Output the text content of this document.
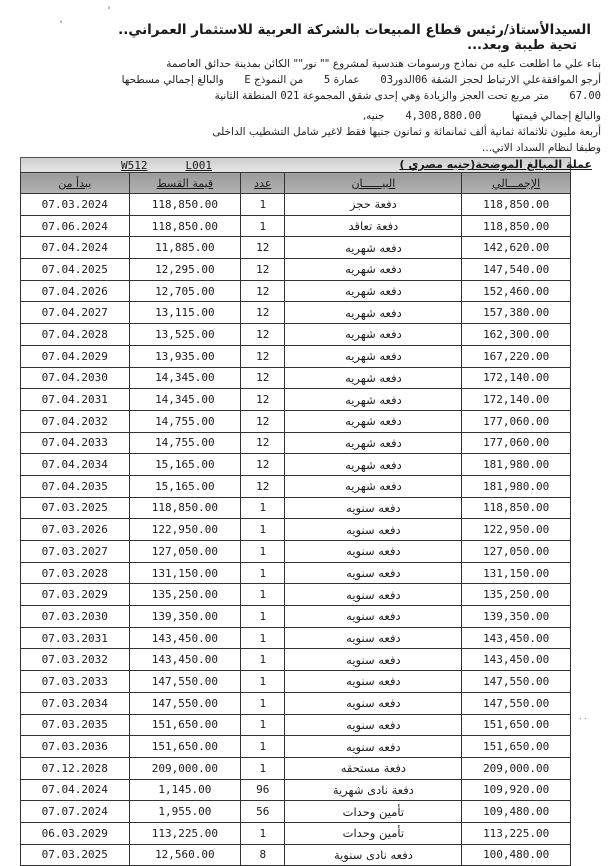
ˈ
ˈ	السيدالأستاذ/رئيس قطاع المبيعات بالشركة العربية للاستثمار العمراني..
تحية طيبة وبعد...
بناء علي ما اطلعت عليه من نماذج ورسومات هندسية لمشروع "" نور"" الكائن بمدينة حدائق العاصمة
أرجو الموافقةعلي الارتباط لحجز الشقة 06الدور03  عمارة 5  من النموذج E  والبالغ إجمالي مسطحها
67.00  متر مربع تحت العجز والزيادة وهي إحدى شقق المجموعة 021 المنطقة الثانية
والبالغ إجمالي قيمتها  4,308,880.00  جنيه,
أربعة مليون ثلاثمائة ثمانية ألف ثمانمائة و ثمانون جنيها فقط لاغير شامل التشطيب الداخلى
وطبقا لنظام السداد الاتي...
W512	L001	عملة المبالغ الموضحة(جنيه مصري )
يبدأ من	قيمة القسط	عدد	البيــــــان	الإجمـــالي
07.03.2024	118,850.00	1	دفعة حجز	118,850.00
07.06.2024	118,850.00	1	دفعة تعاقد	118,850.00
07.04.2024	11,885.00	12	دفعه شهريه	142,620.00
07.04.2025	12,295.00	12	دفعه شهريه	147,540.00
07.04.2026	12,705.00	12	دفعه شهريه	152,460.00
07.04.2027	13,115.00	12	دفعه شهريه	157,380.00
07.04.2028	13,525.00	12	دفعه شهريه	162,300.00
07.04.2029	13,935.00	12	دفعه شهريه	167,220.00
07.04.2030	14,345.00	12	دفعه شهريه	172,140.00
07.04.2031	14,345.00	12	دفعه شهريه	172,140.00
07.04.2032	14,755.00	12	دفعه شهريه	177,060.00
07.04.2033	14,755.00	12	دفعه شهريه	177,060.00
07.04.2034	15,165.00	12	دفعه شهريه	181,980.00
07.04.2035	15,165.00	12	دفعه شهريه	181,980.00
07.03.2025	118,850.00	1	دفعه سنويه	118,850.00
07.03.2026	122,950.00	1	دفعه سنويه	122,950.00
07.03.2027	127,050.00	1	دفعه سنويه	127,050.00
07.03.2028	131,150.00	1	دفعه سنويه	131,150.00
07.03.2029	135,250.00	1	دفعه سنويه	135,250.00
07.03.2030	139,350.00	1	دفعه سنويه	139,350.00
07.03.2031	143,450.00	1	دفعه سنويه	143,450.00
07.03.2032	143,450.00	1	دفعه سنويه	143,450.00
07.03.2033	147,550.00	1	دفعه سنويه	147,550.00
07.03.2034	147,550.00	1	دفعه سنويه	147,550.00
07.03.2035	151,650.00	1	دفعه سنويه	151,650.00
07.03.2036	151,650.00	1	دفعه سنويه	151,650.00
07.12.2028	209,000.00	1	دفعة مستحقه	209,000.00
07.04.2024	1,145.00	96	دفعة نادى شهرية	109,920.00
07.07.2024	1,955.00	56	تأمين وحدات	109,480.00
06.03.2029	113,225.00	1	تأمين وحدات	113,225.00
07.03.2025	12,560.00	8	دفعه نادى سنوية	100,480.00
..
